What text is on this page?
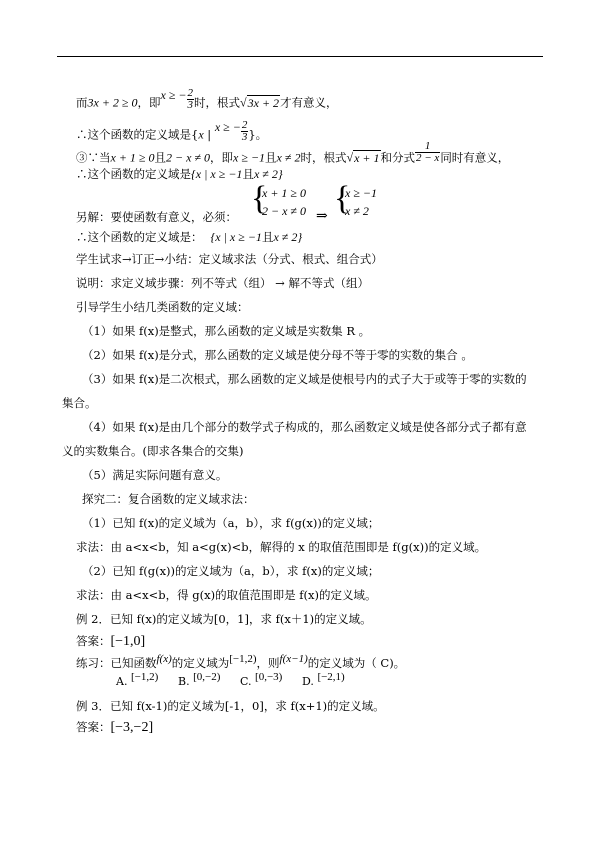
而3x + 2 ≥ 0，即x ≥ − $\frac{2}{3}$ 时，根式√3x + 2才有意义，
∴这个函数的定义域是{x | x ≥ − $\frac{2}{3}$ }。
③∵当x + 1 ≥ 0且2 − x ≠ 0，即x ≥ −1且x ≠ 2时，根式√x + 1和分式 $\frac{1}{2 - x}$ 同时有意义，
∴这个函数的定义域是{x | x ≥ −1且x ≠ 2}
另解：要使函数有意义，必须： {
x + 1 ≥ 0
2 − x ≠ 0 ⇒ {
x ≥ −1
x ≠ 2
∴这个函数的定义域是： {x | x ≥ −1且x ≠ 2}
学生试求→订正→小结：定义域求法（分式、根式、组合式）
说明：求定义域步骤：列不等式（组） → 解不等式（组）
引导学生小结几类函数的定义域：
（1）如果 f(x)是整式，那么函数的定义域是实数集 R 。
（2）如果 f(x)是分式，那么函数的定义域是使分母不等于零的实数的集合 。
（3）如果 f(x)是二次根式，那么函数的定义域是使根号内的式子大于或等于零的实数的
集合。
（4）如果 f(x)是由几个部分的数学式子构成的，那么函数定义域是使各部分式子都有意
义的实数集合。(即求各集合的交集)
（5）满足实际问题有意义。
探究二：复合函数的定义域求法：
（1）已知 f(x)的定义域为（a，b），求 f(g(x))的定义域；
求法：由 a<x<b，知 a<g(x)<b，解得的 x 的取值范围即是 f(g(x))的定义域。
（2）已知 f(g(x))的定义域为（a，b），求 f(x)的定义域；
求法：由 a<x<b，得 g(x)的取值范围即是 f(x)的定义域。
例 2．已知 f(x)的定义域为[0，1]，求 f(x＋1)的定义域。
答案：[−1,0]
练习：已知函数f(x)的定义域为[−1,2)，则f(x−1)的定义域为（ C)。
A. [−1,2) B. [0,−2) C. [0,−3) D. [−2,1)
例 3．已知 f(x-1)的定义域为[-1，0]，求 f(x+1)的定义域。
答案：[−3,−2]
